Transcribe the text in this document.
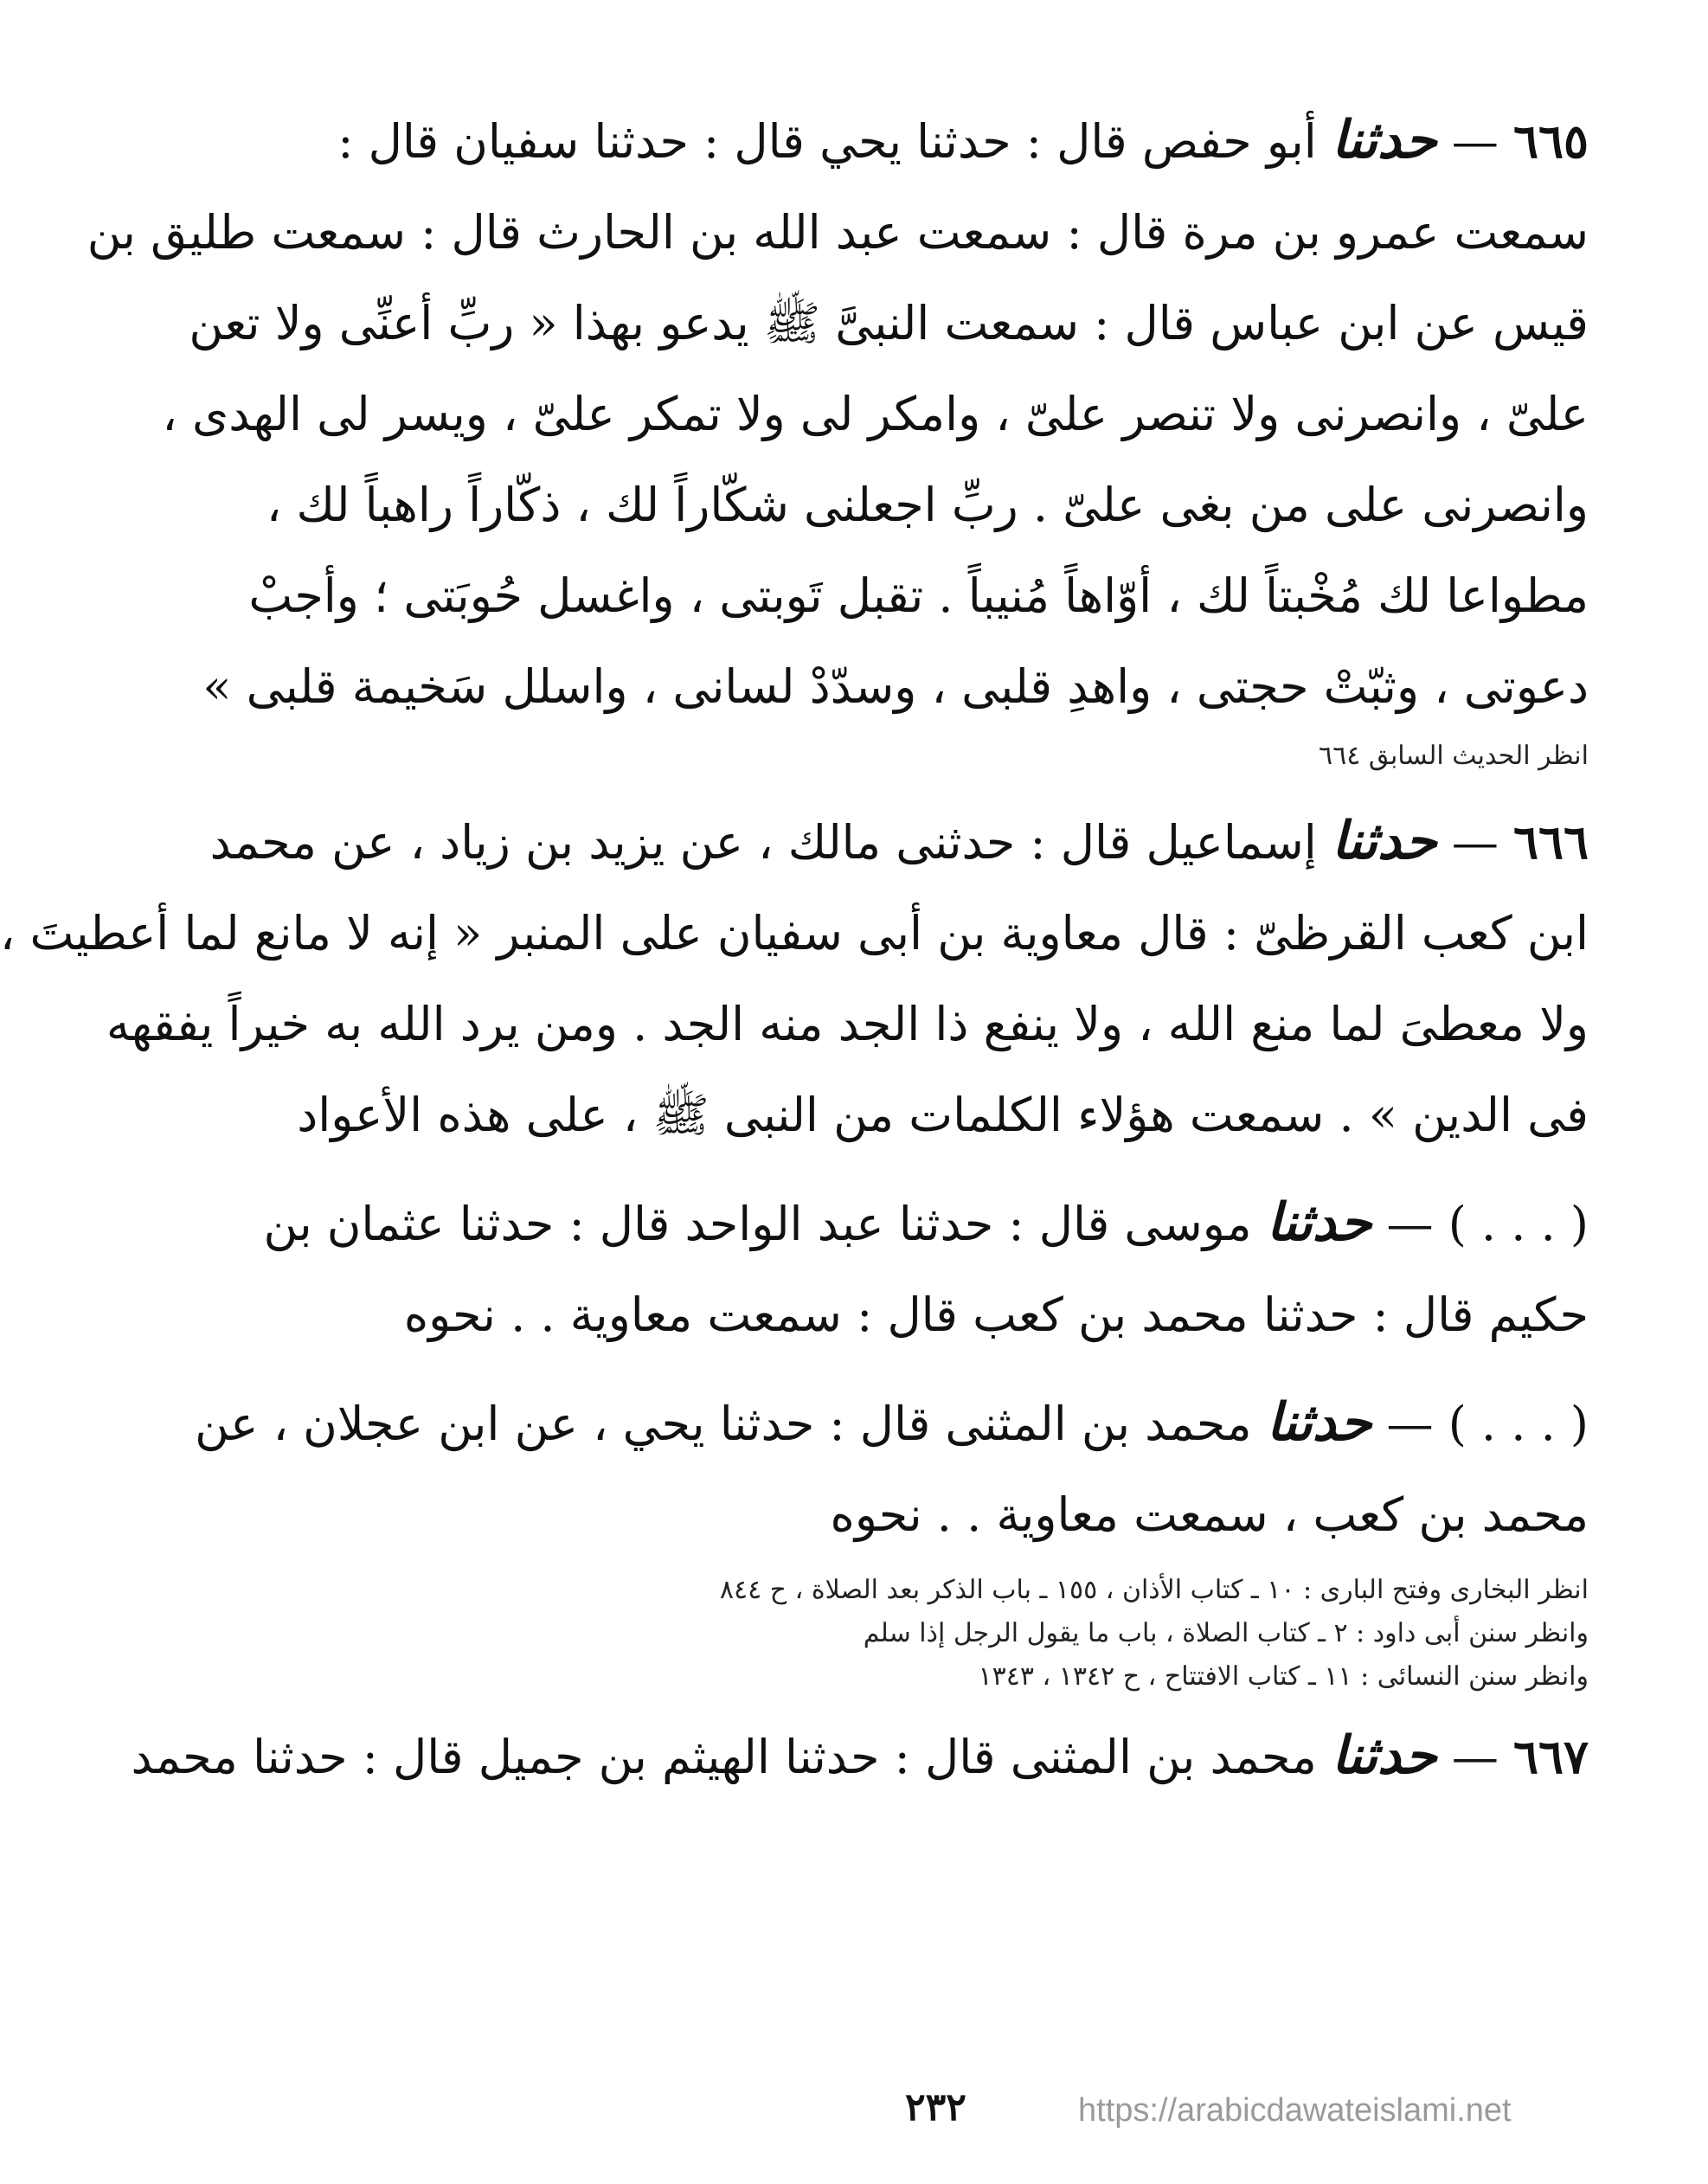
٦٦٥ — حدثنا أبو حفص قال : حدثنا يحي قال : حدثنا سفيان قال :
سمعت عمرو بن مرة قال : سمعت عبد الله بن الحارث قال : سمعت طليق بن
قيس عن ابن عباس قال : سمعت النبىَّ ﷺ يدعو بهذا « ربِّ أعنِّى ولا تعن
علىّ ، وانصرنى ولا تنصر علىّ ، وامكر لى ولا تمكر علىّ ، ويسر لى الهدى ،
وانصرنى على من بغى علىّ . ربِّ اجعلنى شكّاراً لك ، ذكّاراً راهباً لك ،
مطواعا لك مُخْبتاً لك ، أوّاهاً مُنيباً . تقبل تَوبتى ، واغسل حُوبَتى ؛ وأجبْ
دعوتى ، وثبّتْ حجتى ، واهدِ قلبى ، وسدّدْ لسانى ، واسلل سَخيمة قلبى »
انظر الحديث السابق ٦٦٤
٦٦٦ — حدثنا إسماعيل قال : حدثنى مالك ، عن يزيد بن زياد ، عن محمد
ابن كعب القرظىّ : قال معاوية بن أبى سفيان على المنبر « إنه لا مانع لما أعطيتَ ،
ولا معطىَ لما منع الله ، ولا ينفع ذا الجد منه الجد . ومن يرد الله به خيراً يفقهه
فى الدين » . سمعت هؤلاء الكلمات من النبى ﷺ ، على هذه الأعواد
( . . . ) — حدثنا موسى قال : حدثنا عبد الواحد قال : حدثنا عثمان بن
حكيم قال : حدثنا محمد بن كعب قال : سمعت معاوية . . نحوه
( . . . ) — حدثنا محمد بن المثنى قال : حدثنا يحي ، عن ابن عجلان ، عن
محمد بن كعب ، سمعت معاوية . . نحوه
انظر البخارى وفتح البارى : ١٠ ـ كتاب الأذان ، ١٥٥ ـ باب الذكر بعد الصلاة ، ح ٨٤٤
وانظر سنن أبى داود : ٢ ـ كتاب الصلاة ، باب ما يقول الرجل إذا سلم
وانظر سنن النسائى : ١١ ـ كتاب الافتتاح ، ح ١٣٤٢ ، ١٣٤٣
٦٦٧ — حدثنا محمد بن المثنى قال : حدثنا الهيثم بن جميل قال : حدثنا محمد
٢٣٢	https://arabicdawateislami.net
